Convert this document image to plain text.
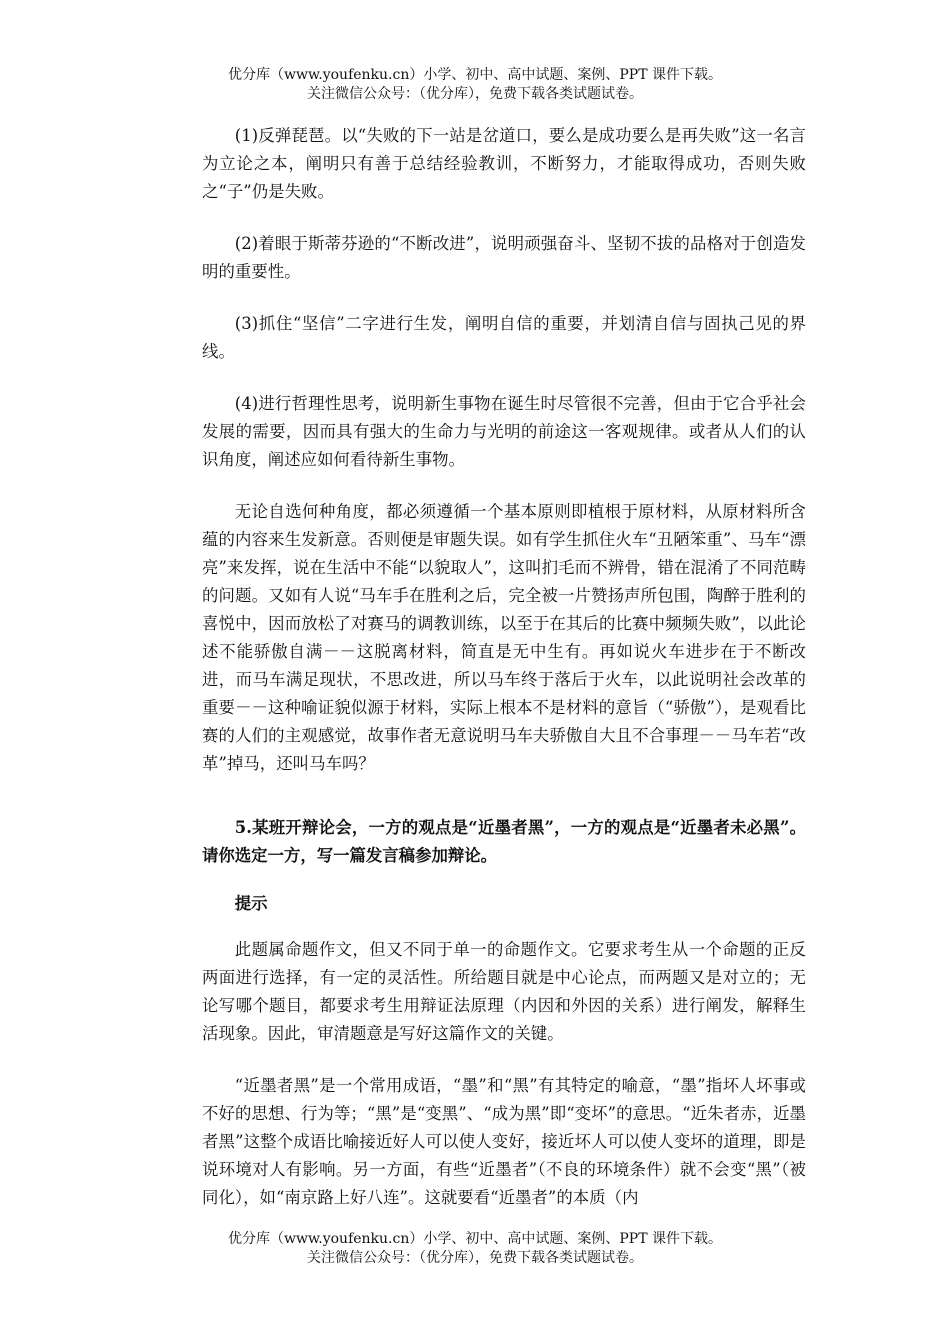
优分库（www.youfenku.cn）小学、初中、高中试题、案例、PPT 课件下载。
关注微信公众号：（优分库），免费下载各类试题试卷。

(1)反弹琵琶。以“失败的下一站是岔道口，要么是成功要么是再失败”这一名言为立论之本，阐明只有善于总结经验教训，不断努力，才能取得成功，否则失败之“子”仍是失败。

(2)着眼于斯蒂芬逊的“不断改进”，说明顽强奋斗、坚韧不拔的品格对于创造发明的重要性。

(3)抓住“坚信”二字进行生发，阐明自信的重要，并划清自信与固执己见的界线。

(4)进行哲理性思考，说明新生事物在诞生时尽管很不完善，但由于它合乎社会发展的需要，因而具有强大的生命力与光明的前途这一客观规律。或者从人们的认识角度，阐述应如何看待新生事物。

无论自选何种角度，都必须遵循一个基本原则即植根于原材料，从原材料所含蕴的内容来生发新意。否则便是审题失误。如有学生抓住火车“丑陋笨重”、马车“漂亮”来发挥，说在生活中不能“以貌取人”，这叫扪毛而不辨骨，错在混淆了不同范畴的问题。又如有人说“马车手在胜利之后，完全被一片赞扬声所包围，陶醉于胜利的喜悦中，因而放松了对赛马的调教训练，以至于在其后的比赛中频频失败”，以此论述不能骄傲自满－－这脱离材料，简直是无中生有。再如说火车进步在于不断改进，而马车满足现状，不思改进，所以马车终于落后于火车，以此说明社会改革的重要－－这种喻证貌似源于材料，实际上根本不是材料的意旨（“骄傲”），是观看比赛的人们的主观感觉，故事作者无意说明马车夫骄傲自大且不合事理－－马车若“改革”掉马，还叫马车吗？

5.某班开辩论会，一方的观点是“近墨者黑”，一方的观点是“近墨者未必黑”。请你选定一方，写一篇发言稿参加辩论。

提示

此题属命题作文，但又不同于单一的命题作文。它要求考生从一个命题的正反两面进行选择，有一定的灵活性。所给题目就是中心论点，而两题又是对立的；无论写哪个题目，都要求考生用辩证法原理（内因和外因的关系）进行阐发，解释生活现象。因此，审清题意是写好这篇作文的关键。

“近墨者黑”是一个常用成语，“墨”和“黑”有其特定的喻意，“墨”指坏人坏事或不好的思想、行为等；“黑”是“变黑”、“成为黑”即“变坏”的意思。“近朱者赤，近墨者黑”这整个成语比喻接近好人可以使人变好，接近坏人可以使人变坏的道理，即是说环境对人有影响。另一方面，有些“近墨者”（不良的环境条件）就不会变“黑”（被同化），如“南京路上好八连”。这就要看“近墨者”的本质（内

优分库（www.youfenku.cn）小学、初中、高中试题、案例、PPT 课件下载。
关注微信公众号：（优分库），免费下载各类试题试卷。
